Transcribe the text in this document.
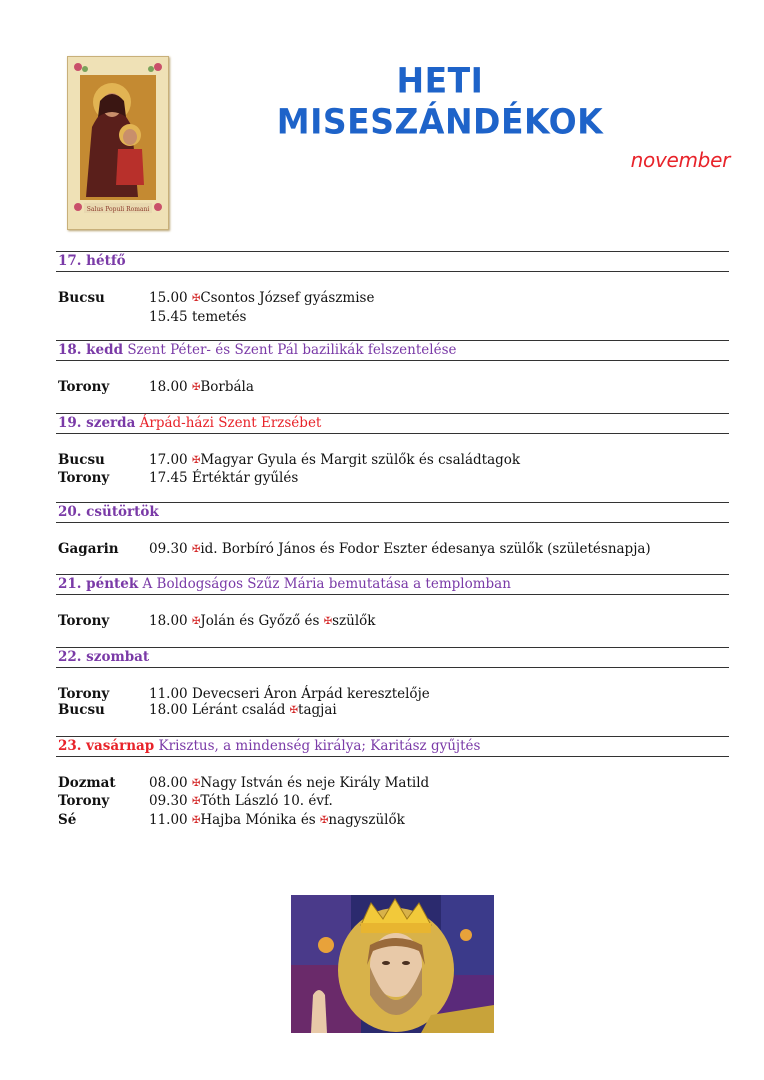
Salus Populi Romani
HETI MISESZÁNDÉKOK
november
17. hétfő
Bucsu	15.00 ✠Csontos József gyászmise
15.45 temetés
18. kedd Szent Péter- és Szent Pál bazilikák felszentelése
Torony	18.00 ✠Borbála
19. szerda Árpád-házi Szent Erzsébet
Bucsu	17.00 ✠Magyar Gyula és Margit szülők és családtagok
Torony	17.45 Értéktár gyűlés
20. csütörtök
Gagarin	09.30 ✠id. Borbíró János és Fodor Eszter édesanya szülők (születésnapja)
21. péntek A Boldogságos Szűz Mária bemutatása a templomban
Torony	18.00 ✠Jolán és Győző és ✠szülők
22. szombat
Torony	11.00 Devecseri Áron Árpád keresztelője
Bucsu	18.00 Léránt család ✠tagjai
23. vasárnap Krisztus, a mindenség királya; Karitász gyűjtés
Dozmat	08.00 ✠Nagy István és neje Király Matild
Torony	09.30 ✠Tóth László 10. évf.
Sé	11.00 ✠Hajba Mónika és ✠nagyszülők
